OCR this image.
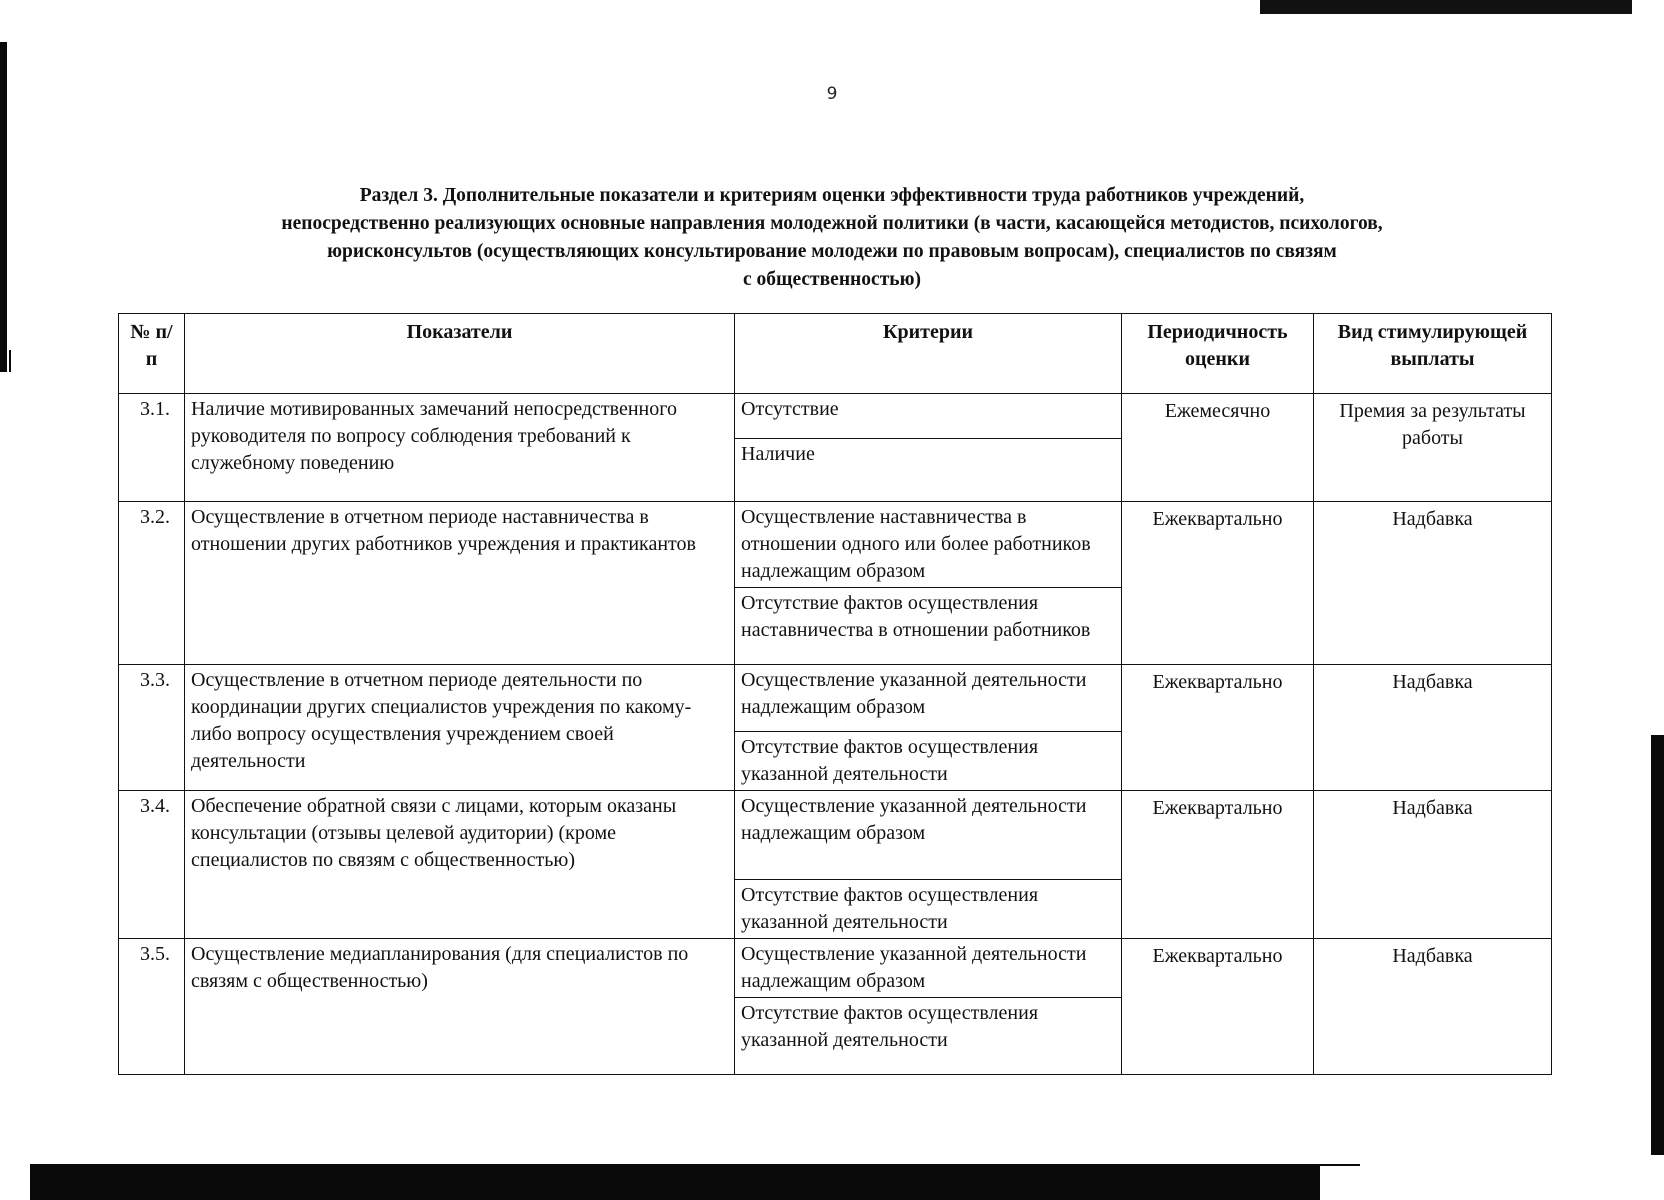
9
Раздел 3. Дополнительные показатели и критериям оценки эффективности труда работников учреждений,
непосредственно реализующих основные направления молодежной политики (в части, касающейся методистов, психологов,
юрисконсультов (осуществляющих консультирование молодежи по правовым вопросам), специалистов по связям
с общественностью)
№ п/п	Показатели	Критерии	Периодичность оценки	Вид стимулирующей выплаты
3.1.	Наличие мотивированных замечаний непосредственного руководителя по вопросу соблюдения требований к служебному поведению	Отсутствие
Наличие	Ежемесячно	Премия за результаты работы
3.2.	Осуществление в отчетном периоде наставничества в отношении других работников учреждения и практикантов	Осуществление наставничества в отношении одного или более работников надлежащим образом
Отсутствие фактов осуществления наставничества в отношении работников	Ежеквартально	Надбавка
3.3.	Осуществление в отчетном периоде деятельности по координации других специалистов учреждения по какому-либо вопросу осуществления учреждением своей деятельности	Осуществление указанной деятельности надлежащим образом
Отсутствие фактов осуществления указанной деятельности	Ежеквартально	Надбавка
3.4.	Обеспечение обратной связи с лицами, которым оказаны консультации (отзывы целевой аудитории) (кроме специалистов по связям с общественностью)	Осуществление указанной деятельности надлежащим образом
Отсутствие фактов осуществления указанной деятельности	Ежеквартально	Надбавка
3.5.	Осуществление медиапланирования (для специалистов по связям с общественностью)	Осуществление указанной деятельности надлежащим образом
Отсутствие фактов осуществления указанной деятельности	Ежеквартально	Надбавка
